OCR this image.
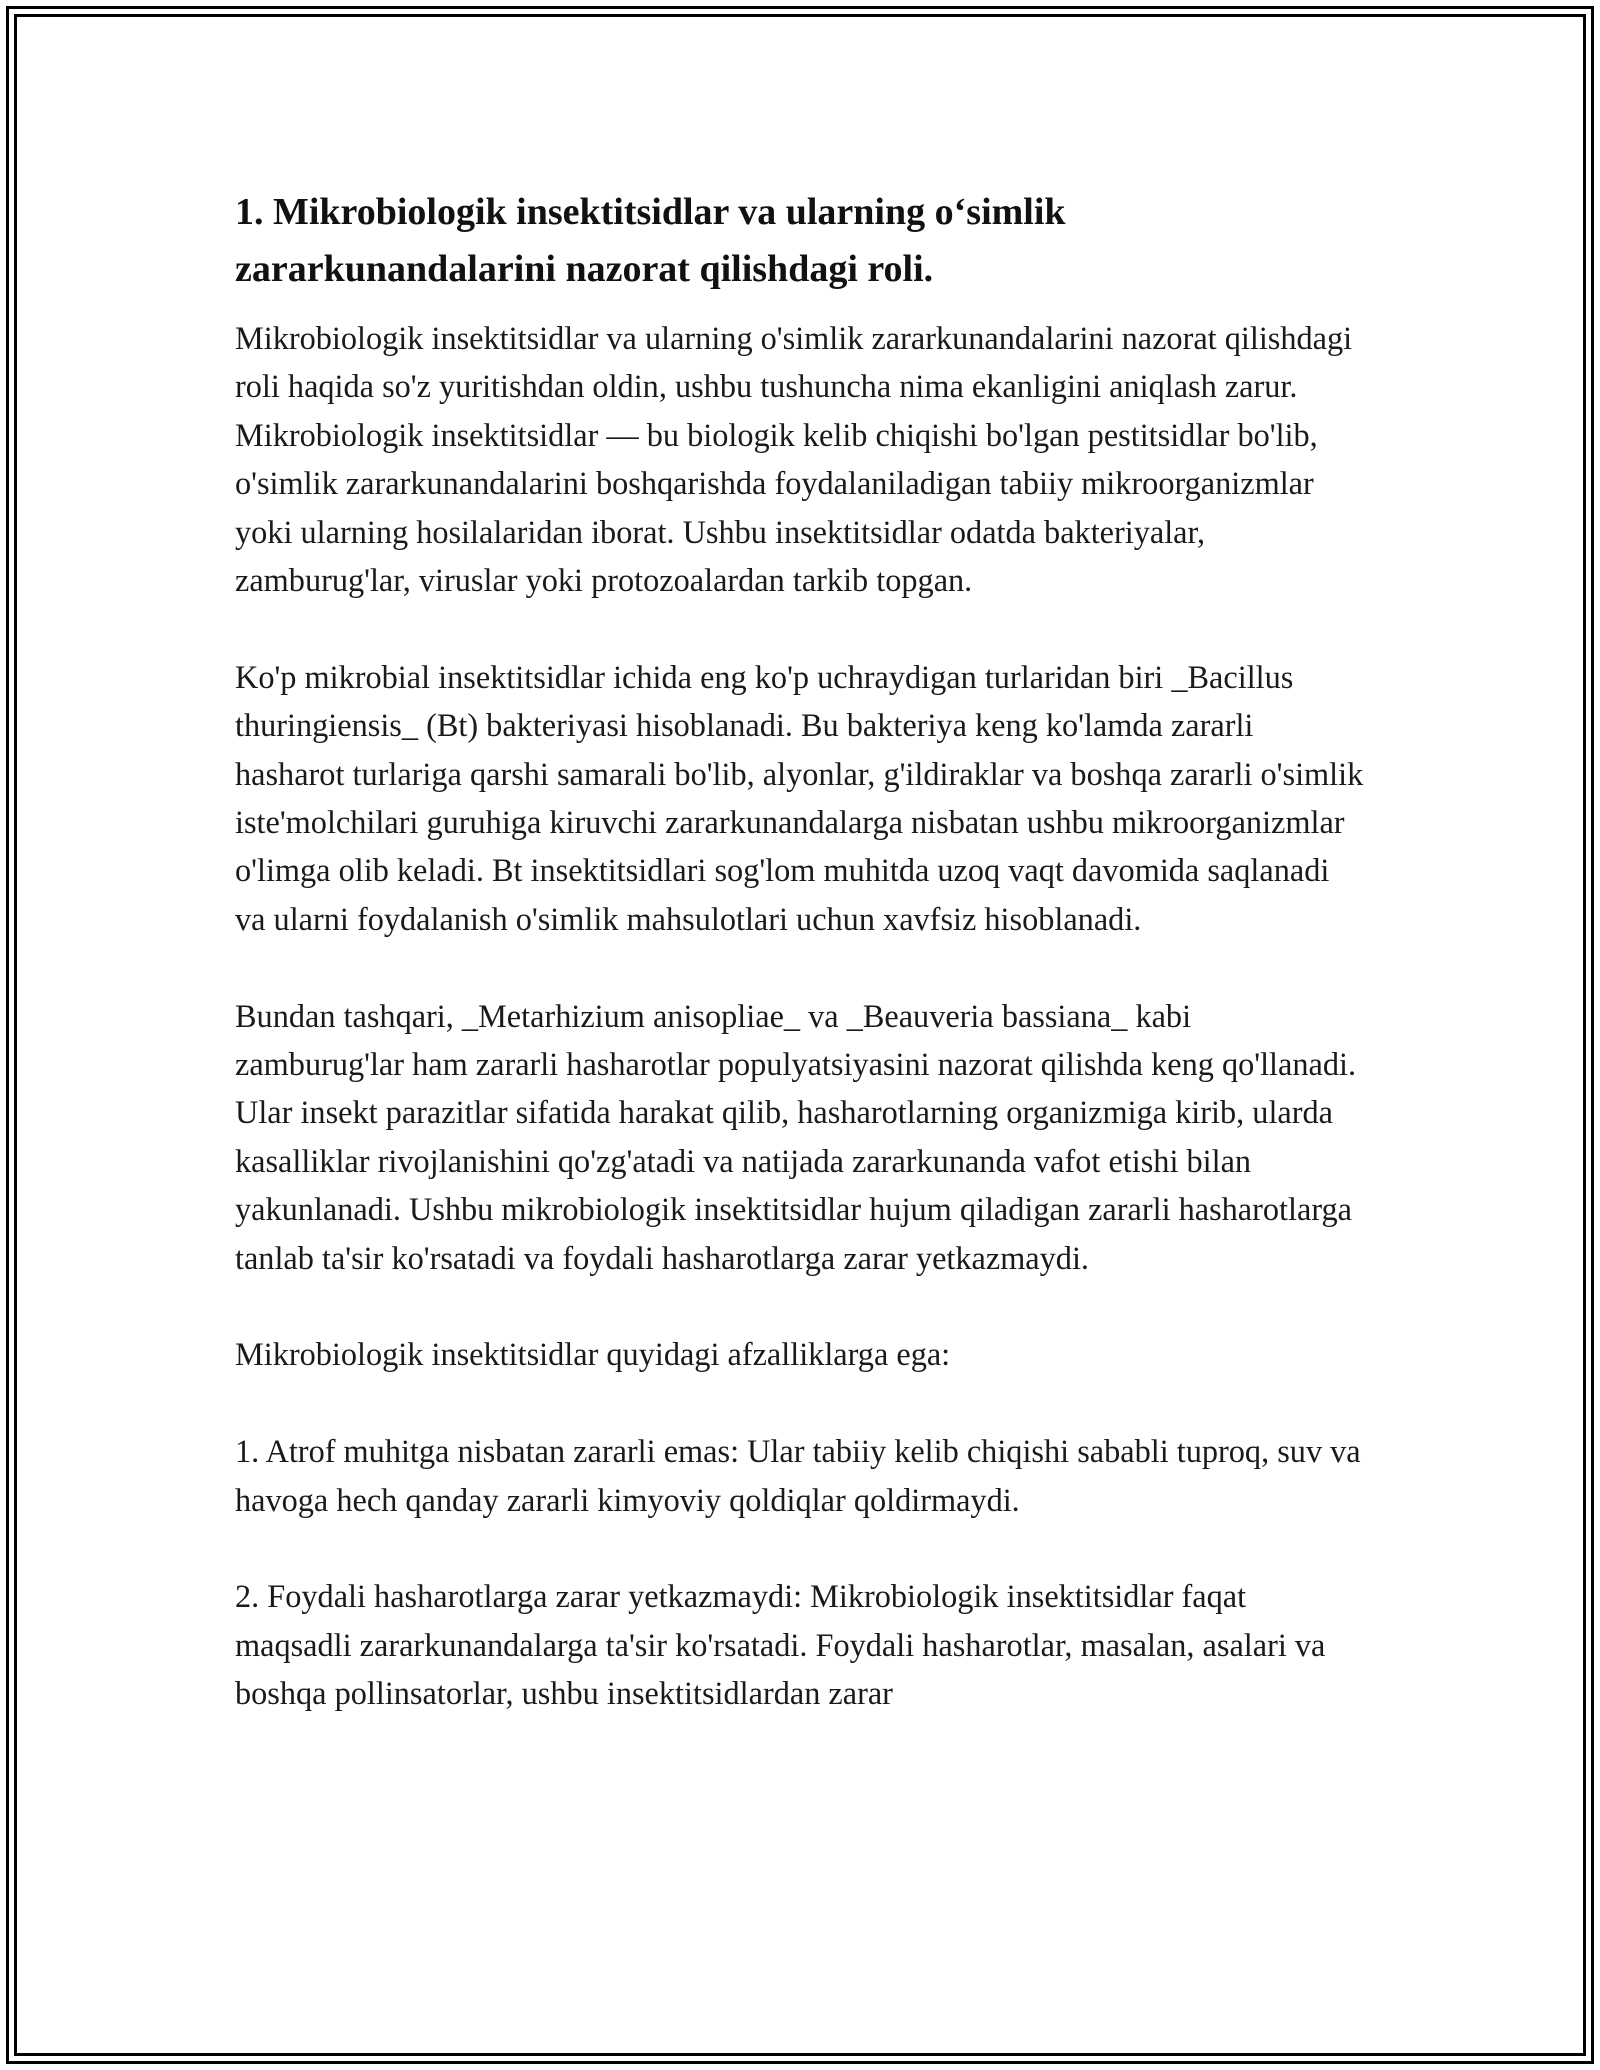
1. Mikrobiologik insektitsidlar va ularning o‘simlik zararkunandalarini nazorat qilishdagi roli.

Mikrobiologik insektitsidlar va ularning o'simlik zararkunandalarini nazorat qilishdagi roli haqida so'z yuritishdan oldin, ushbu tushuncha nima ekanligini aniqlash zarur. Mikrobiologik insektitsidlar — bu biologik kelib chiqishi bo'lgan pestitsidlar bo'lib, o'simlik zararkunandalarini boshqarishda foydalaniladigan tabiiy mikroorganizmlar yoki ularning hosilalaridan iborat. Ushbu insektitsidlar odatda bakteriyalar, zamburug'lar, viruslar yoki protozoalardan tarkib topgan.

Ko'p mikrobial insektitsidlar ichida eng ko'p uchraydigan turlaridan biri _Bacillus thuringiensis_ (Bt) bakteriyasi hisoblanadi. Bu bakteriya keng ko'lamda zararli hasharot turlariga qarshi samarali bo'lib, alyonlar, g'ildiraklar va boshqa zararli o'simlik iste'molchilari guruhiga kiruvchi zararkunandalarga nisbatan ushbu mikroorganizmlar o'limga olib keladi. Bt insektitsidlari sog'lom muhitda uzoq vaqt davomida saqlanadi va ularni foydalanish o'simlik mahsulotlari uchun xavfsiz hisoblanadi.

Bundan tashqari, _Metarhizium anisopliae_ va _Beauveria bassiana_ kabi zamburug'lar ham zararli hasharotlar populyatsiyasini nazorat qilishda keng qo'llanadi. Ular insekt parazitlar sifatida harakat qilib, hasharotlarning organizmiga kirib, ularda kasalliklar rivojlanishini qo'zg'atadi va natijada zararkunanda vafot etishi bilan yakunlanadi. Ushbu mikrobiologik insektitsidlar hujum qiladigan zararli hasharotlarga tanlab ta'sir ko'rsatadi va foydali hasharotlarga zarar yetkazmaydi.

Mikrobiologik insektitsidlar quyidagi afzalliklarga ega:

1. Atrof muhitga nisbatan zararli emas: Ular tabiiy kelib chiqishi sababli tuproq, suv va havoga hech qanday zararli kimyoviy qoldiqlar qoldirmaydi.

2. Foydali hasharotlarga zarar yetkazmaydi: Mikrobiologik insektitsidlar faqat maqsadli zararkunandalarga ta'sir ko'rsatadi. Foydali hasharotlar, masalan, asalari va boshqa pollinsatorlar, ushbu insektitsidlardan zarar
